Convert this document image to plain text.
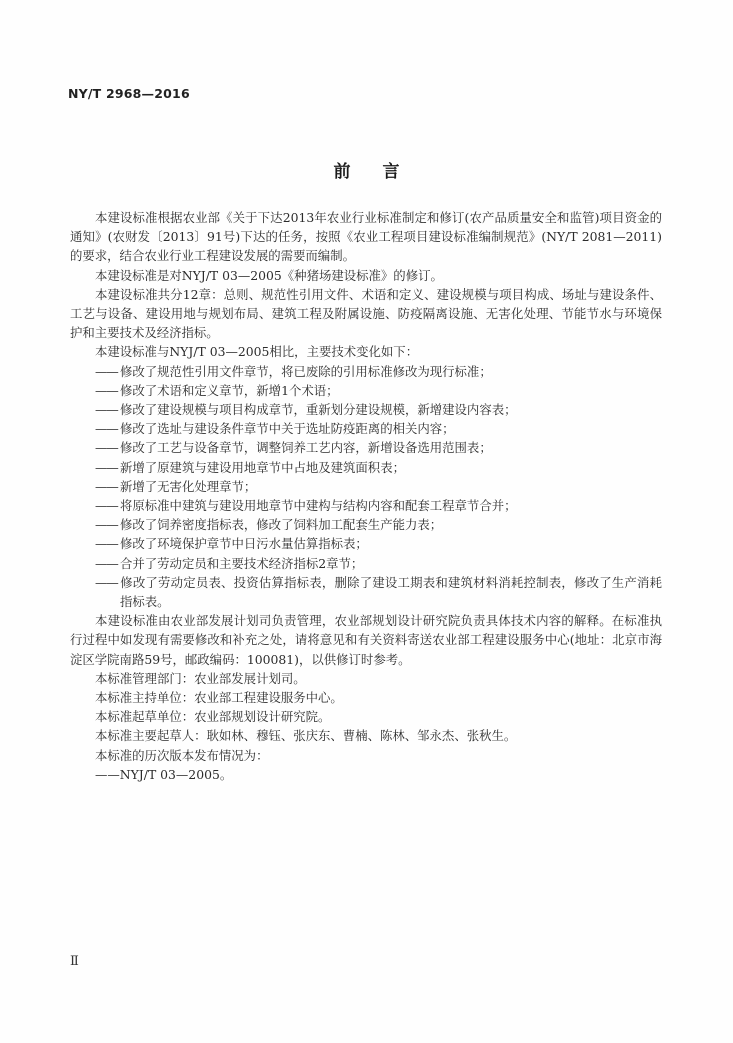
NY/T 2968—2016
前言

本建设标准根据农业部《关于下达2013年农业行业标准制定和修订(农产品质量安全和监管)项目资金的通知》(农财发〔2013〕91号)下达的任务，按照《农业工程项目建设标准编制规范》(NY/T 2081—2011)的要求，结合农业行业工程建设发展的需要而编制。

本建设标准是对NYJ/T 03—2005《种猪场建设标准》的修订。

本建设标准共分12章：总则、规范性引用文件、术语和定义、建设规模与项目构成、场址与建设条件、工艺与设备、建设用地与规划布局、建筑工程及附属设施、防疫隔离设施、无害化处理、节能节水与环境保护和主要技术及经济指标。

本建设标准与NYJ/T 03—2005相比，主要技术变化如下：

—— 修改了规范性引用文件章节，将已废除的引用标准修改为现行标准；
—— 修改了术语和定义章节，新增1个术语；
—— 修改了建设规模与项目构成章节，重新划分建设规模，新增建设内容表；
—— 修改了选址与建设条件章节中关于选址防疫距离的相关内容；
—— 修改了工艺与设备章节，调整饲养工艺内容，新增设备选用范围表；
—— 新增了原建筑与建设用地章节中占地及建筑面积表；
—— 新增了无害化处理章节；
—— 将原标准中建筑与建设用地章节中建构与结构内容和配套工程章节合并；
—— 修改了饲养密度指标表，修改了饲料加工配套生产能力表；
—— 修改了环境保护章节中日污水量估算指标表；
—— 合并了劳动定员和主要技术经济指标2章节；
—— 修改了劳动定员表、投资估算指标表，删除了建设工期表和建筑材料消耗控制表，修改了生产消耗指标表。

本建设标准由农业部发展计划司负责管理，农业部规划设计研究院负责具体技术内容的解释。在标准执行过程中如发现有需要修改和补充之处，请将意见和有关资料寄送农业部工程建设服务中心(地址：北京市海淀区学院南路59号，邮政编码：100081)，以供修订时参考。

本标准管理部门：农业部发展计划司。

本标准主持单位：农业部工程建设服务中心。

本标准起草单位：农业部规划设计研究院。

本标准主要起草人：耿如林、穆钰、张庆东、曹楠、陈林、邹永杰、张秋生。

本标准的历次版本发布情况为：

——NYJ/T 03—2005。
Ⅱ
